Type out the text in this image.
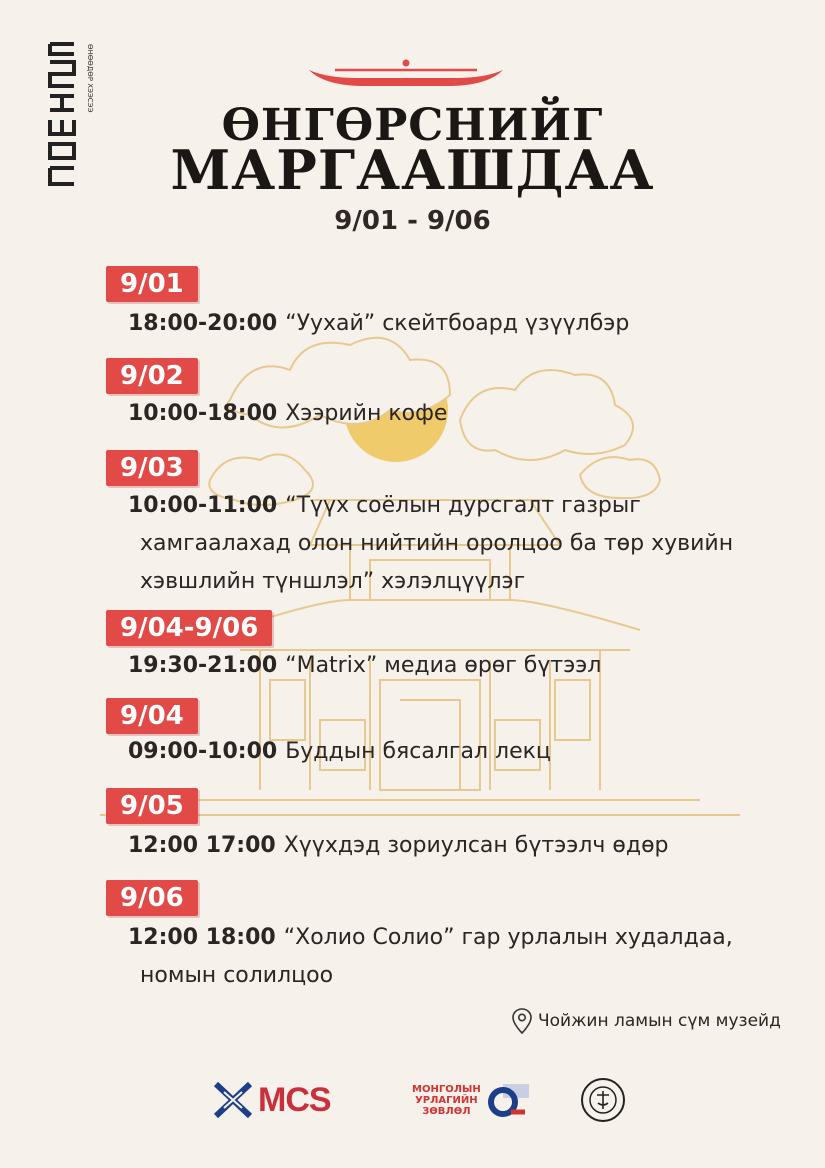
ӨНӨӨДӨР ХЭЭСЭЭ
ӨНГӨРСНИЙГ
МАРГААШДАА
9/01 - 9/06
9/01
18:00-20:00 “Уухай” скейтбоард үзүүлбэр
9/02
10:00-18:00 Хээрийн кофе
9/03
10:00-11:00 “Түүх соёлын дурсгалт газрыг
хамгаалахад олон нийтийн оролцоо ба төр хувийн
хэвшлийн түншлэл” хэлэлцүүлэг
9/04-9/06
19:30-21:00 “Matrix” медиа өрөг бүтээл
9/04
09:00-10:00 Буддын бясалгал лекц
9/05
12:00 17:00 Хүүхдэд зориулсан бүтээлч өдөр
9/06
12:00 18:00 “Холио Солио” гар урлалын худалдаа,
номын солилцоо
Чойжин ламын сүм музейд
MCS	МОНГОЛЫН
УРЛАГИЙН
ЗӨВЛӨЛ
